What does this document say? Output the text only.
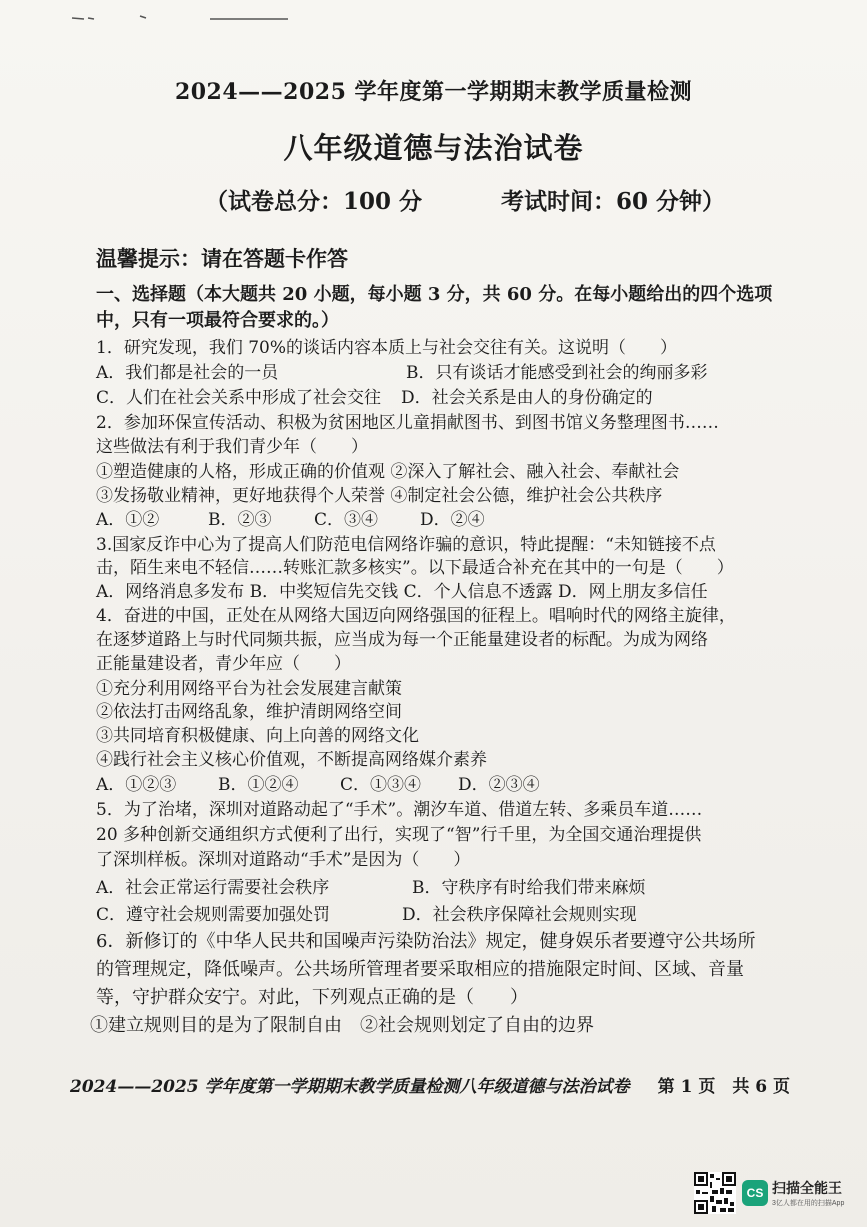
2024——2025 学年度第一学期期末教学质量检测
八年级道德与法治试卷
（试卷总分：100 分	考试时间：60 分钟）
温馨提示：请在答题卡作答
一、选择题（本大题共 20 小题，每小题 3 分，共 60 分。在每小题给出的四个选项
中，只有一项最符合要求的。）
1．研究发现，我们 70%的谈话内容本质上与社会交往有关。这说明（　　）
A．我们都是社会的一员	B．只有谈话才能感受到社会的绚丽多彩
C．人们在社会关系中形成了社会交往	D．社会关系是由人的身份确定的
2．参加环保宣传活动、积极为贫困地区儿童捐献图书、到图书馆义务整理图书……
这些做法有利于我们青少年（　　）
①塑造健康的人格，形成正确的价值观 ②深入了解社会、融入社会、奉献社会
③发扬敬业精神，更好地获得个人荣誉 ④制定社会公德，维护社会公共秩序
A．①②	B．②③	C．③④	D．②④
3.国家反诈中心为了提高人们防范电信网络诈骗的意识，特此提醒：“未知链接不点
击，陌生来电不轻信……转账汇款多核实”。以下最适合补充在其中的一句是（　　）
A．网络消息多发布 B．中奖短信先交钱 C．个人信息不透露 D．网上朋友多信任
4．奋进的中国，正处在从网络大国迈向网络强国的征程上。唱响时代的网络主旋律，
在逐梦道路上与时代同频共振，应当成为每一个正能量建设者的标配。为成为网络
正能量建设者，青少年应（　　）
①充分利用网络平台为社会发展建言献策
②依法打击网络乱象，维护清朗网络空间
③共同培育积极健康、向上向善的网络文化
④践行社会主义核心价值观，不断提高网络媒介素养
A．①②③	B．①②④	C．①③④	D．②③④
5．为了治堵，深圳对道路动起了“手术”。潮汐车道、借道左转、多乘员车道……
20 多种创新交通组织方式便利了出行，实现了“智”行千里，为全国交通治理提供
了深圳样板。深圳对道路动“手术”是因为（　　）
A．社会正常运行需要社会秩序	B．守秩序有时给我们带来麻烦
C．遵守社会规则需要加强处罚	D．社会秩序保障社会规则实现
6．新修订的《中华人民共和国噪声污染防治法》规定，健身娱乐者要遵守公共场所
的管理规定，降低噪声。公共场所管理者要采取相应的措施限定时间、区域、音量
等，守护群众安宁。对此，下列观点正确的是（　　）
①建立规则目的是为了限制自由　②社会规则划定了自由的边界
2024——2025 学年度第一学期期末教学质量检测八年级道德与法治试卷 第 1 页　共 6 页
CS 扫描全能王
3亿人都在用的扫描App
